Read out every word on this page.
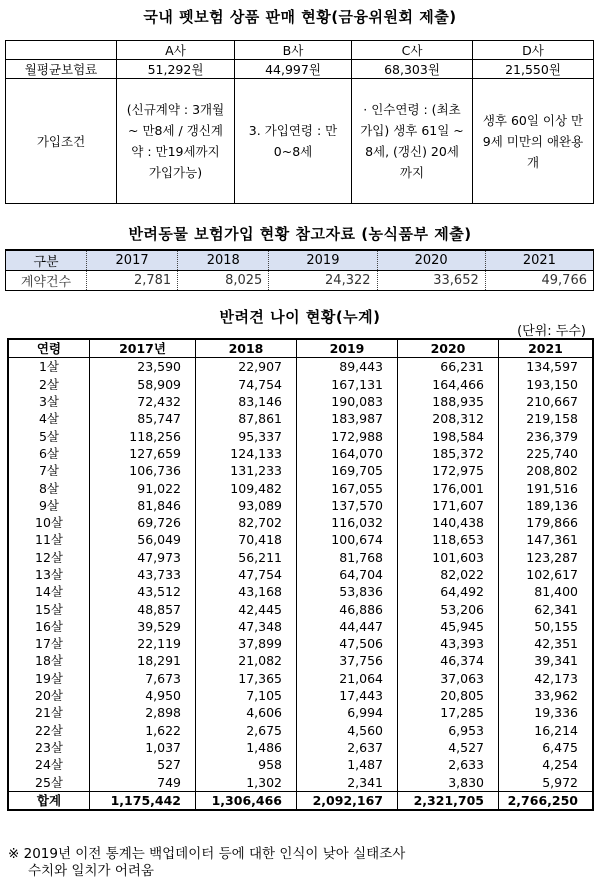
국내 펫보험 상품 판매 현황(금융위원회 제출)
	A사	B사	C사	D사
월평균보험료	51,292원	44,997원	68,303원	21,550원
가입조건	(신규계약 : 3개월 ~ 만8세 / 갱신계약 : 만19세까지 가입가능)	3. 가입연령 : 만0~8세	· 인수연령 : (최초 가입) 생후 61일 ~ 8세, (갱신) 20세까지	생후 60일 이상 만 9세 미만의 애완용 개
반려동물 보험가입 현황 참고자료 (농식품부 제출)
구분	2017	2018	2019	2020	2021
계약건수	2,781	8,025	24,322	33,652	49,766
반려견 나이 현황(누계)
(단위: 두수)
연령	2017년	2018	2019	2020	2021
1살	23,590	22,907	89,443	66,231	134,597
2살	58,909	74,754	167,131	164,466	193,150
3살	72,432	83,146	190,083	188,935	210,667
4살	85,747	87,861	183,987	208,312	219,158
5살	118,256	95,337	172,988	198,584	236,379
6살	127,659	124,133	164,070	185,372	225,740
7살	106,736	131,233	169,705	172,975	208,802
8살	91,022	109,482	167,055	176,001	191,516
9살	81,846	93,089	137,570	171,607	189,136
10살	69,726	82,702	116,032	140,438	179,866
11살	56,049	70,418	100,674	118,653	147,361
12살	47,973	56,211	81,768	101,603	123,287
13살	43,733	47,754	64,704	82,022	102,617
14살	43,512	43,168	53,836	64,492	81,400
15살	48,857	42,445	46,886	53,206	62,341
16살	39,529	47,348	44,447	45,945	50,155
17살	22,119	37,899	47,506	43,393	42,351
18살	18,291	21,082	37,756	46,374	39,341
19살	7,673	17,365	21,064	37,063	42,173
20살	4,950	7,105	17,443	20,805	33,962
21살	2,898	4,606	6,994	17,285	19,336
22살	1,622	2,675	4,560	6,953	16,214
23살	1,037	1,486	2,637	4,527	6,475
24살	527	958	1,487	2,633	4,254
25살	749	1,302	2,341	3,830	5,972
합계	1,175,442	1,306,466	2,092,167	2,321,705	2,766,250
※ 2019년 이전 통계는 백업데이터 등에 대한 인식이 낮아 실태조사
수치와 일치가 어려움
